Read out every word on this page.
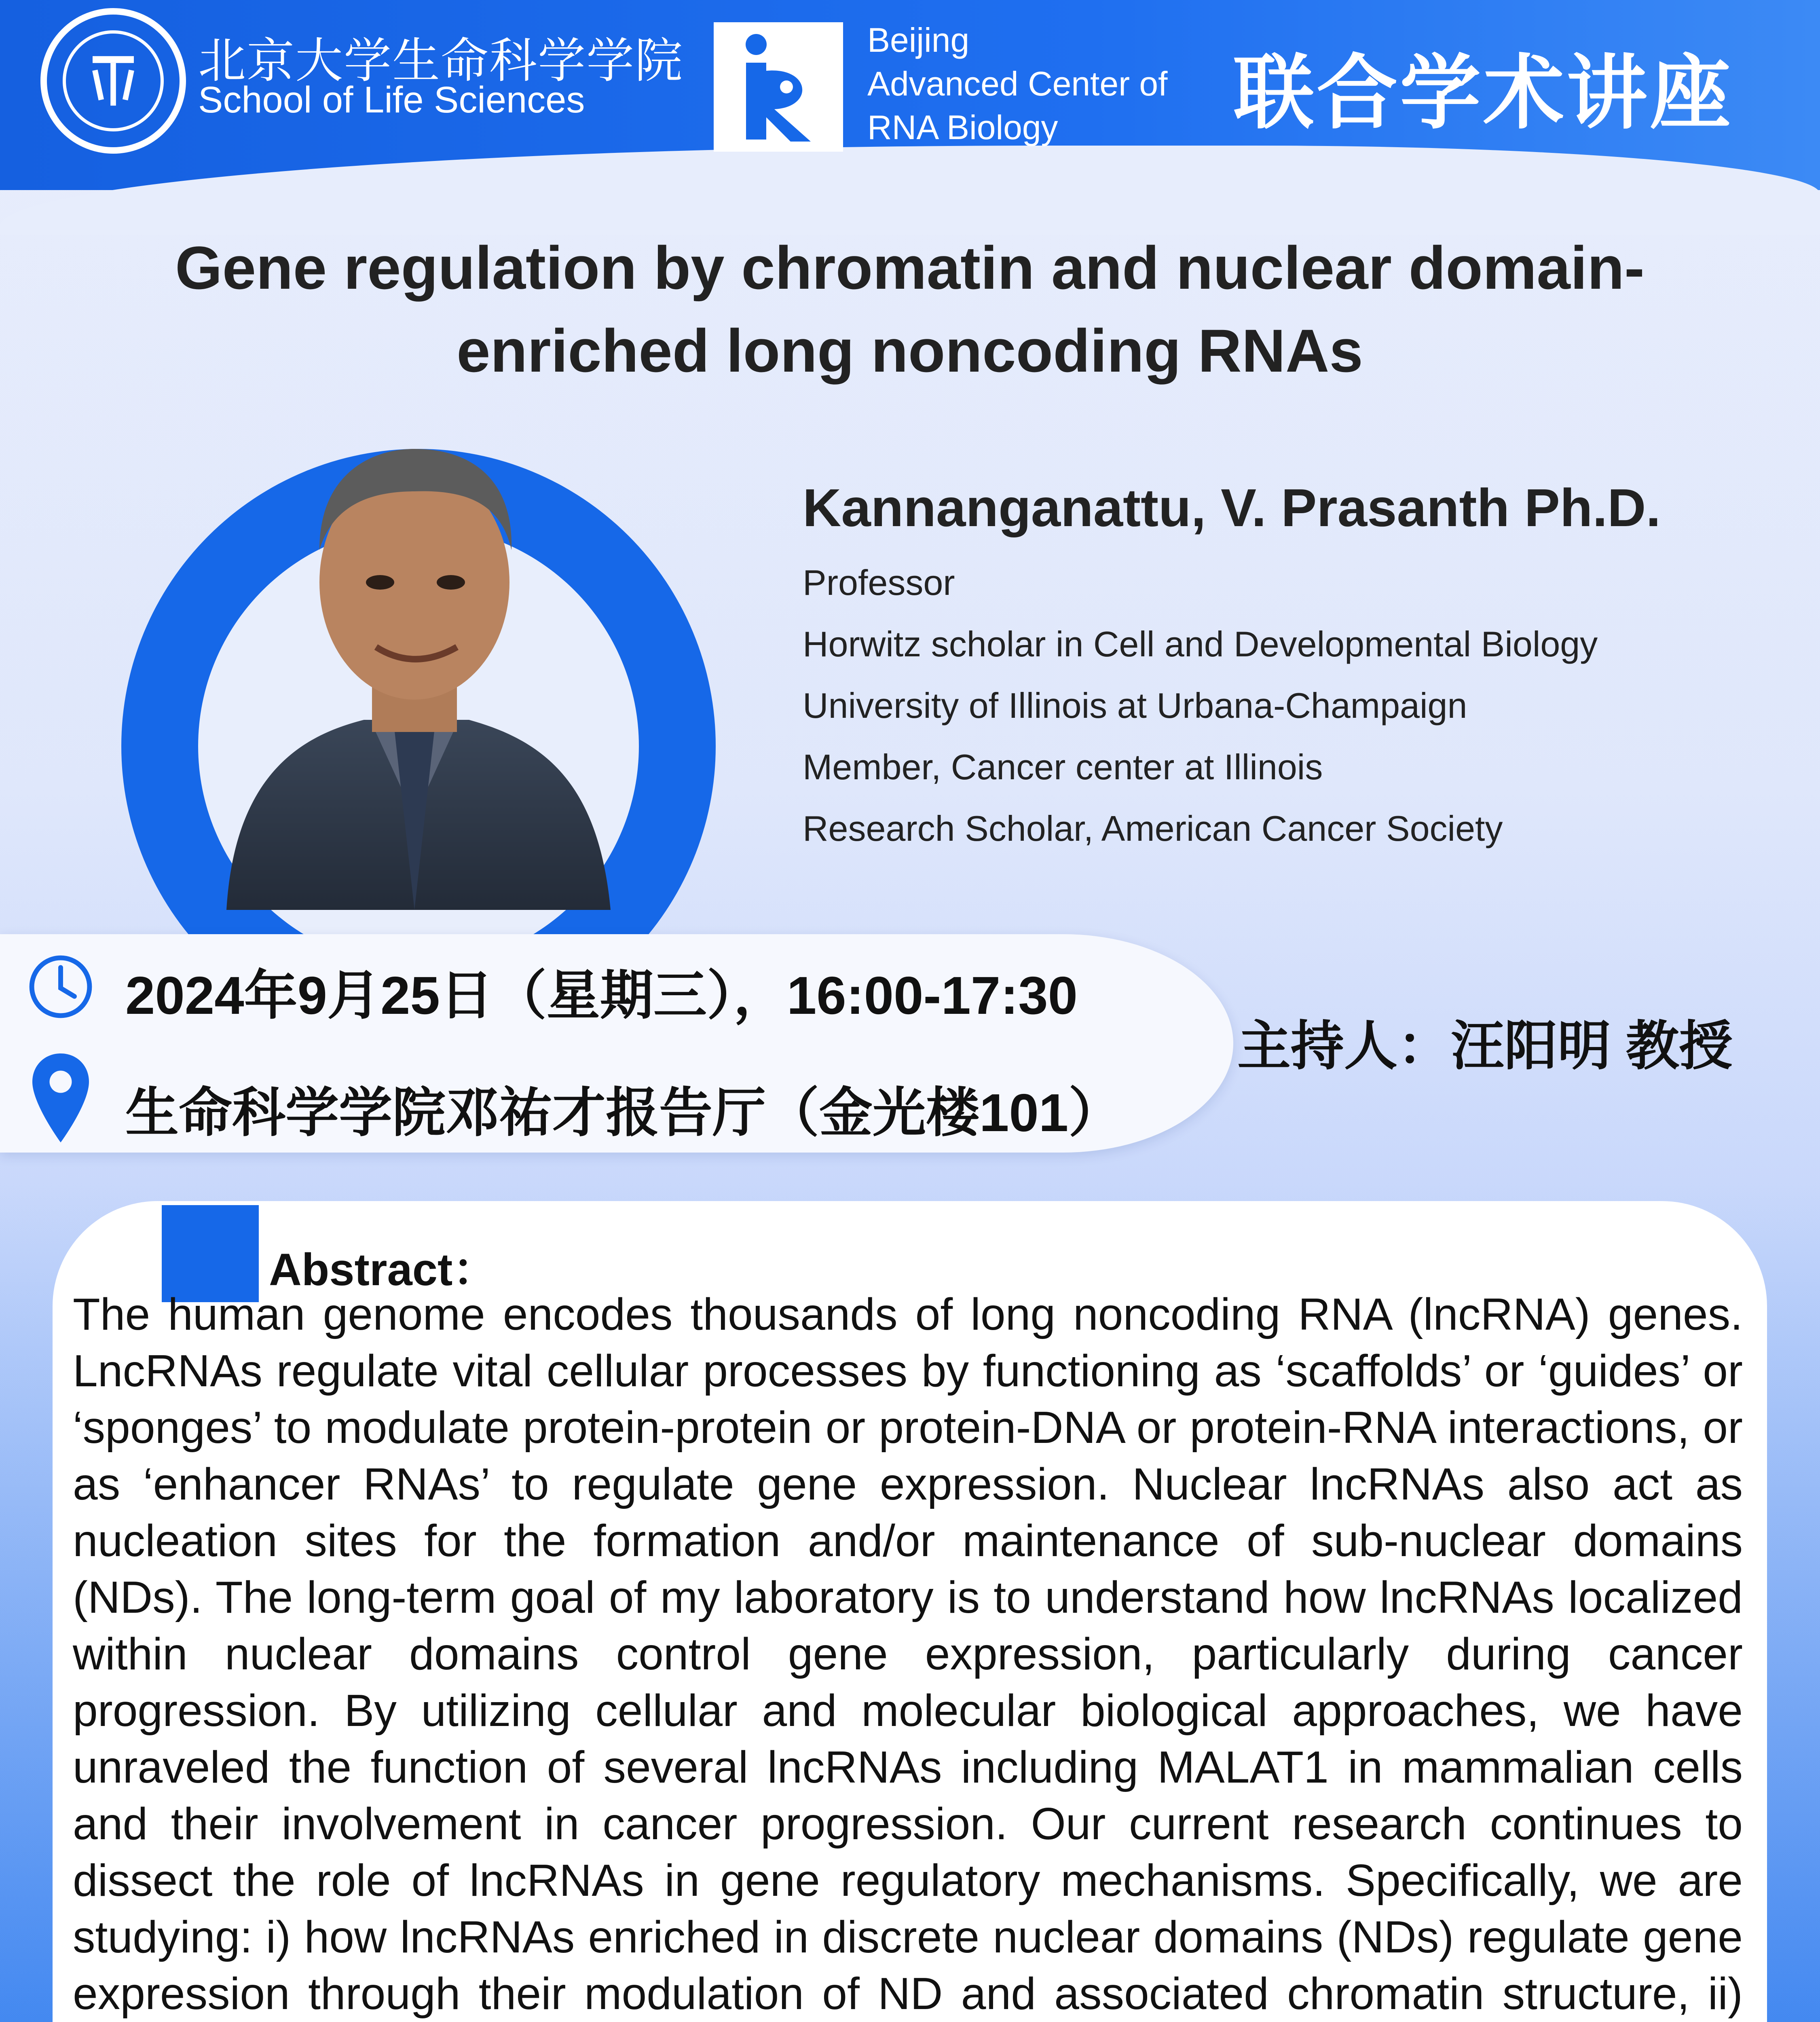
北京大学生命科学学院
School of Life Sciences
Beijing
Advanced Center of
RNA Biology	联合学术讲座
Gene regulation by chromatin and nuclear domain-
enriched long noncoding RNAs
Kannanganattu, V. Prasanth Ph.D.
Professor
Horwitz scholar in Cell and Developmental Biology
University of Illinois at Urbana-Champaign
Member, Cancer center at Illinois
Research Scholar, American Cancer Society
2024年9月25日（星期三），16:00-17:30
生命科学学院邓祐才报告厅（金光楼101）
主持人：汪阳明 教授
Abstract：
The human genome encodes thousands of long noncoding RNA (lncRNA) genes. LncRNAs regulate vital cellular processes by functioning as ‘scaffolds’ or ‘guides’ or ‘sponges’ to modulate protein-protein or protein-DNA or protein-RNA interactions, or as ‘enhancer RNAs’ to regulate gene expression. Nuclear lncRNAs also act as nucleation sites for the formation and/or maintenance of sub-nuclear domains (NDs). The long-term goal of my laboratory is to understand how lncRNAs localized within nuclear domains control gene expression, particularly during cancer progression. By utilizing cellular and molecular biological approaches, we have unraveled the function of several lncRNAs including MALAT1 in mammalian cells and their involvement in cancer progression. Our current research continues to dissect the role of lncRNAs in gene regulatory mechanisms. Specifically, we are studying: i) how lncRNAs enriched in discrete nuclear domains (NDs) regulate gene expression through their modulation of ND and associated chromatin structure, ii)
